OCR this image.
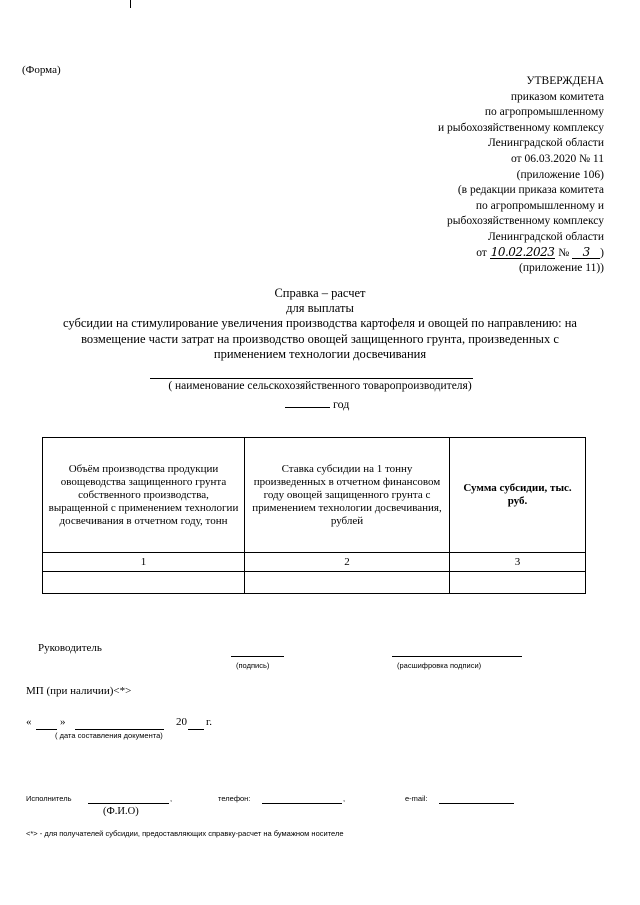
(Форма)
УТВЕРЖДЕНА
приказом комитета
по агропромышленному
и рыбохозяйственному комплексу
Ленинградской области
от 06.03.2020 № 11
(приложение 106)
(в редакции приказа комитета
по агропромышленному и
рыбохозяйственному комплексу
Ленинградской области
от 10.02.2023 № 3 )
(приложение 11))
Справка – расчет
для выплаты
субсидии на стимулирование увеличения производства картофеля и овощей по направлению: на
возмещение части затрат на производство овощей защищенного грунта, произведенных с
применением технологии досвечивания
( наименование сельскохозяйственного товаропроизводителя)
год
Объём производства продукции овощеводства защищенного грунта собственного производства, выращенной с применением технологии досвечивания в отчетном году, тонн	Ставка субсидии на 1 тонну произведенных в отчетном финансовом году овощей защищенного грунта с применением технологии досвечивания, рублей	Сумма субсидии, тыс. руб.
1	2	3

Руководитель
(подпись)	(расшифровка подписи)
МП (при наличии)<*>
«	»	20 г.
( дата составления документа)
Исполнитель	,
(Ф.И.О)
телефон:	,	e-mail:
<*> - для получателей субсидии, предоставляющих справку-расчет на бумажном носителе
